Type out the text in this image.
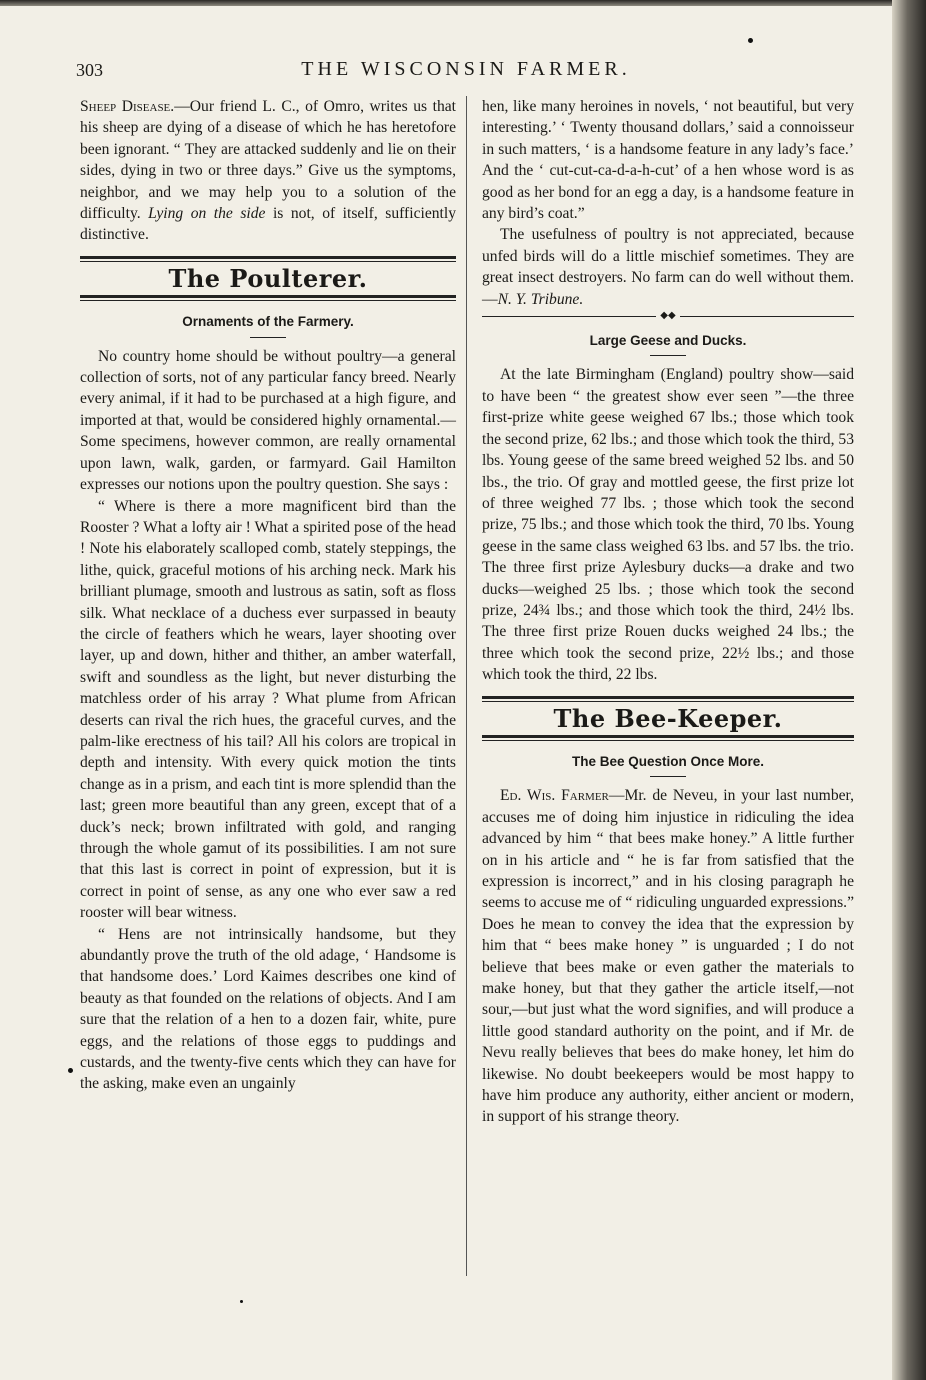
303	THE WISCONSIN FARMER.

Sheep Disease.—Our friend L. C., of Omro, writes us that his sheep are dying of a disease of which he has heretofore been ignorant. “ They are attacked suddenly and lie on their sides, dying in two or three days.” Give us the symptoms, neighbor, and we may help you to a solution of the difficulty. Lying on the side is not, of itself, sufficiently distinctive.

The Poulterer.
Ornaments of the Farmery.

No country home should be without poultry—a general collection of sorts, not of any particular fancy breed. Nearly every animal, if it had to be purchased at a high figure, and imported at that, would be considered highly ornamental.—Some specimens, however common, are really ornamental upon lawn, walk, garden, or farmyard. Gail Hamilton expresses our notions upon the poultry question. She says :

“ Where is there a more magnificent bird than the Rooster ? What a lofty air ! What a spirited pose of the head ! Note his elaborately scalloped comb, stately steppings, the lithe, quick, graceful motions of his arching neck. Mark his brilliant plumage, smooth and lustrous as satin, soft as floss silk. What necklace of a duchess ever surpassed in beauty the circle of feathers which he wears, layer shooting over layer, up and down, hither and thither, an amber waterfall, swift and soundless as the light, but never disturbing the matchless order of his array ? What plume from African deserts can rival the rich hues, the graceful curves, and the palm-like erectness of his tail? All his colors are tropical in depth and intensity. With every quick motion the tints change as in a prism, and each tint is more splendid than the last; green more beautiful than any green, except that of a duck’s neck; brown infiltrated with gold, and ranging through the whole gamut of its possibilities. I am not sure that this last is correct in point of expression, but it is correct in point of sense, as any one who ever saw a red rooster will bear witness.

“ Hens are not intrinsically handsome, but they abundantly prove the truth of the old adage, ‘ Handsome is that handsome does.’ Lord Kaimes describes one kind of beauty as that founded on the relations of objects. And I am sure that the relation of a hen to a dozen fair, white, pure eggs, and the relations of those eggs to puddings and custards, and the twenty-five cents which they can have for the asking, make even an ungainly

hen, like many heroines in novels, ‘ not beautiful, but very interesting.’ ‘ Twenty thousand dollars,’ said a connoisseur in such matters, ‘ is a handsome feature in any lady’s face.’ And the ‘ cut-cut-ca-d-a-h-cut’ of a hen whose word is as good as her bond for an egg a day, is a handsome feature in any bird’s coat.”

The usefulness of poultry is not appreciated, because unfed birds will do a little mischief sometimes. They are great insect destroyers. No farm can do well without them.—N. Y. Tribune.

◆◆
Large Geese and Ducks.

At the late Birmingham (England) poultry show—said to have been “ the greatest show ever seen ”—the three first-prize white geese weighed 67 lbs.; those which took the second prize, 62 lbs.; and those which took the third, 53 lbs. Young geese of the same breed weighed 52 lbs. and 50 lbs., the trio. Of gray and mottled geese, the first prize lot of three weighed 77 lbs. ; those which took the second prize, 75 lbs.; and those which took the third, 70 lbs. Young geese in the same class weighed 63 lbs. and 57 lbs. the trio. The three first prize Aylesbury ducks—a drake and two ducks—weighed 25 lbs. ; those which took the second prize, 24¾ lbs.; and those which took the third, 24½ lbs. The three first prize Rouen ducks weighed 24 lbs.; the three which took the second prize, 22½ lbs.; and those which took the third, 22 lbs.

The Bee-Keeper.
The Bee Question Once More.

Ed. Wis. Farmer—Mr. de Neveu, in your last number, accuses me of doing him injustice in ridiculing the idea advanced by him “ that bees make honey.” A little further on in his article and “ he is far from satisfied that the expression is incorrect,” and in his closing paragraph he seems to accuse me of “ ridiculing unguarded expressions.” Does he mean to convey the idea that the expression by him that “ bees make honey ” is unguarded ; I do not believe that bees make or even gather the materials to make honey, but that they gather the article itself,—not sour,—but just what the word signifies, and will produce a little good standard authority on the point, and if Mr. de Nevu really believes that bees do make honey, let him do likewise. No doubt beekeepers would be most happy to have him produce any authority, either ancient or modern, in support of his strange theory.
